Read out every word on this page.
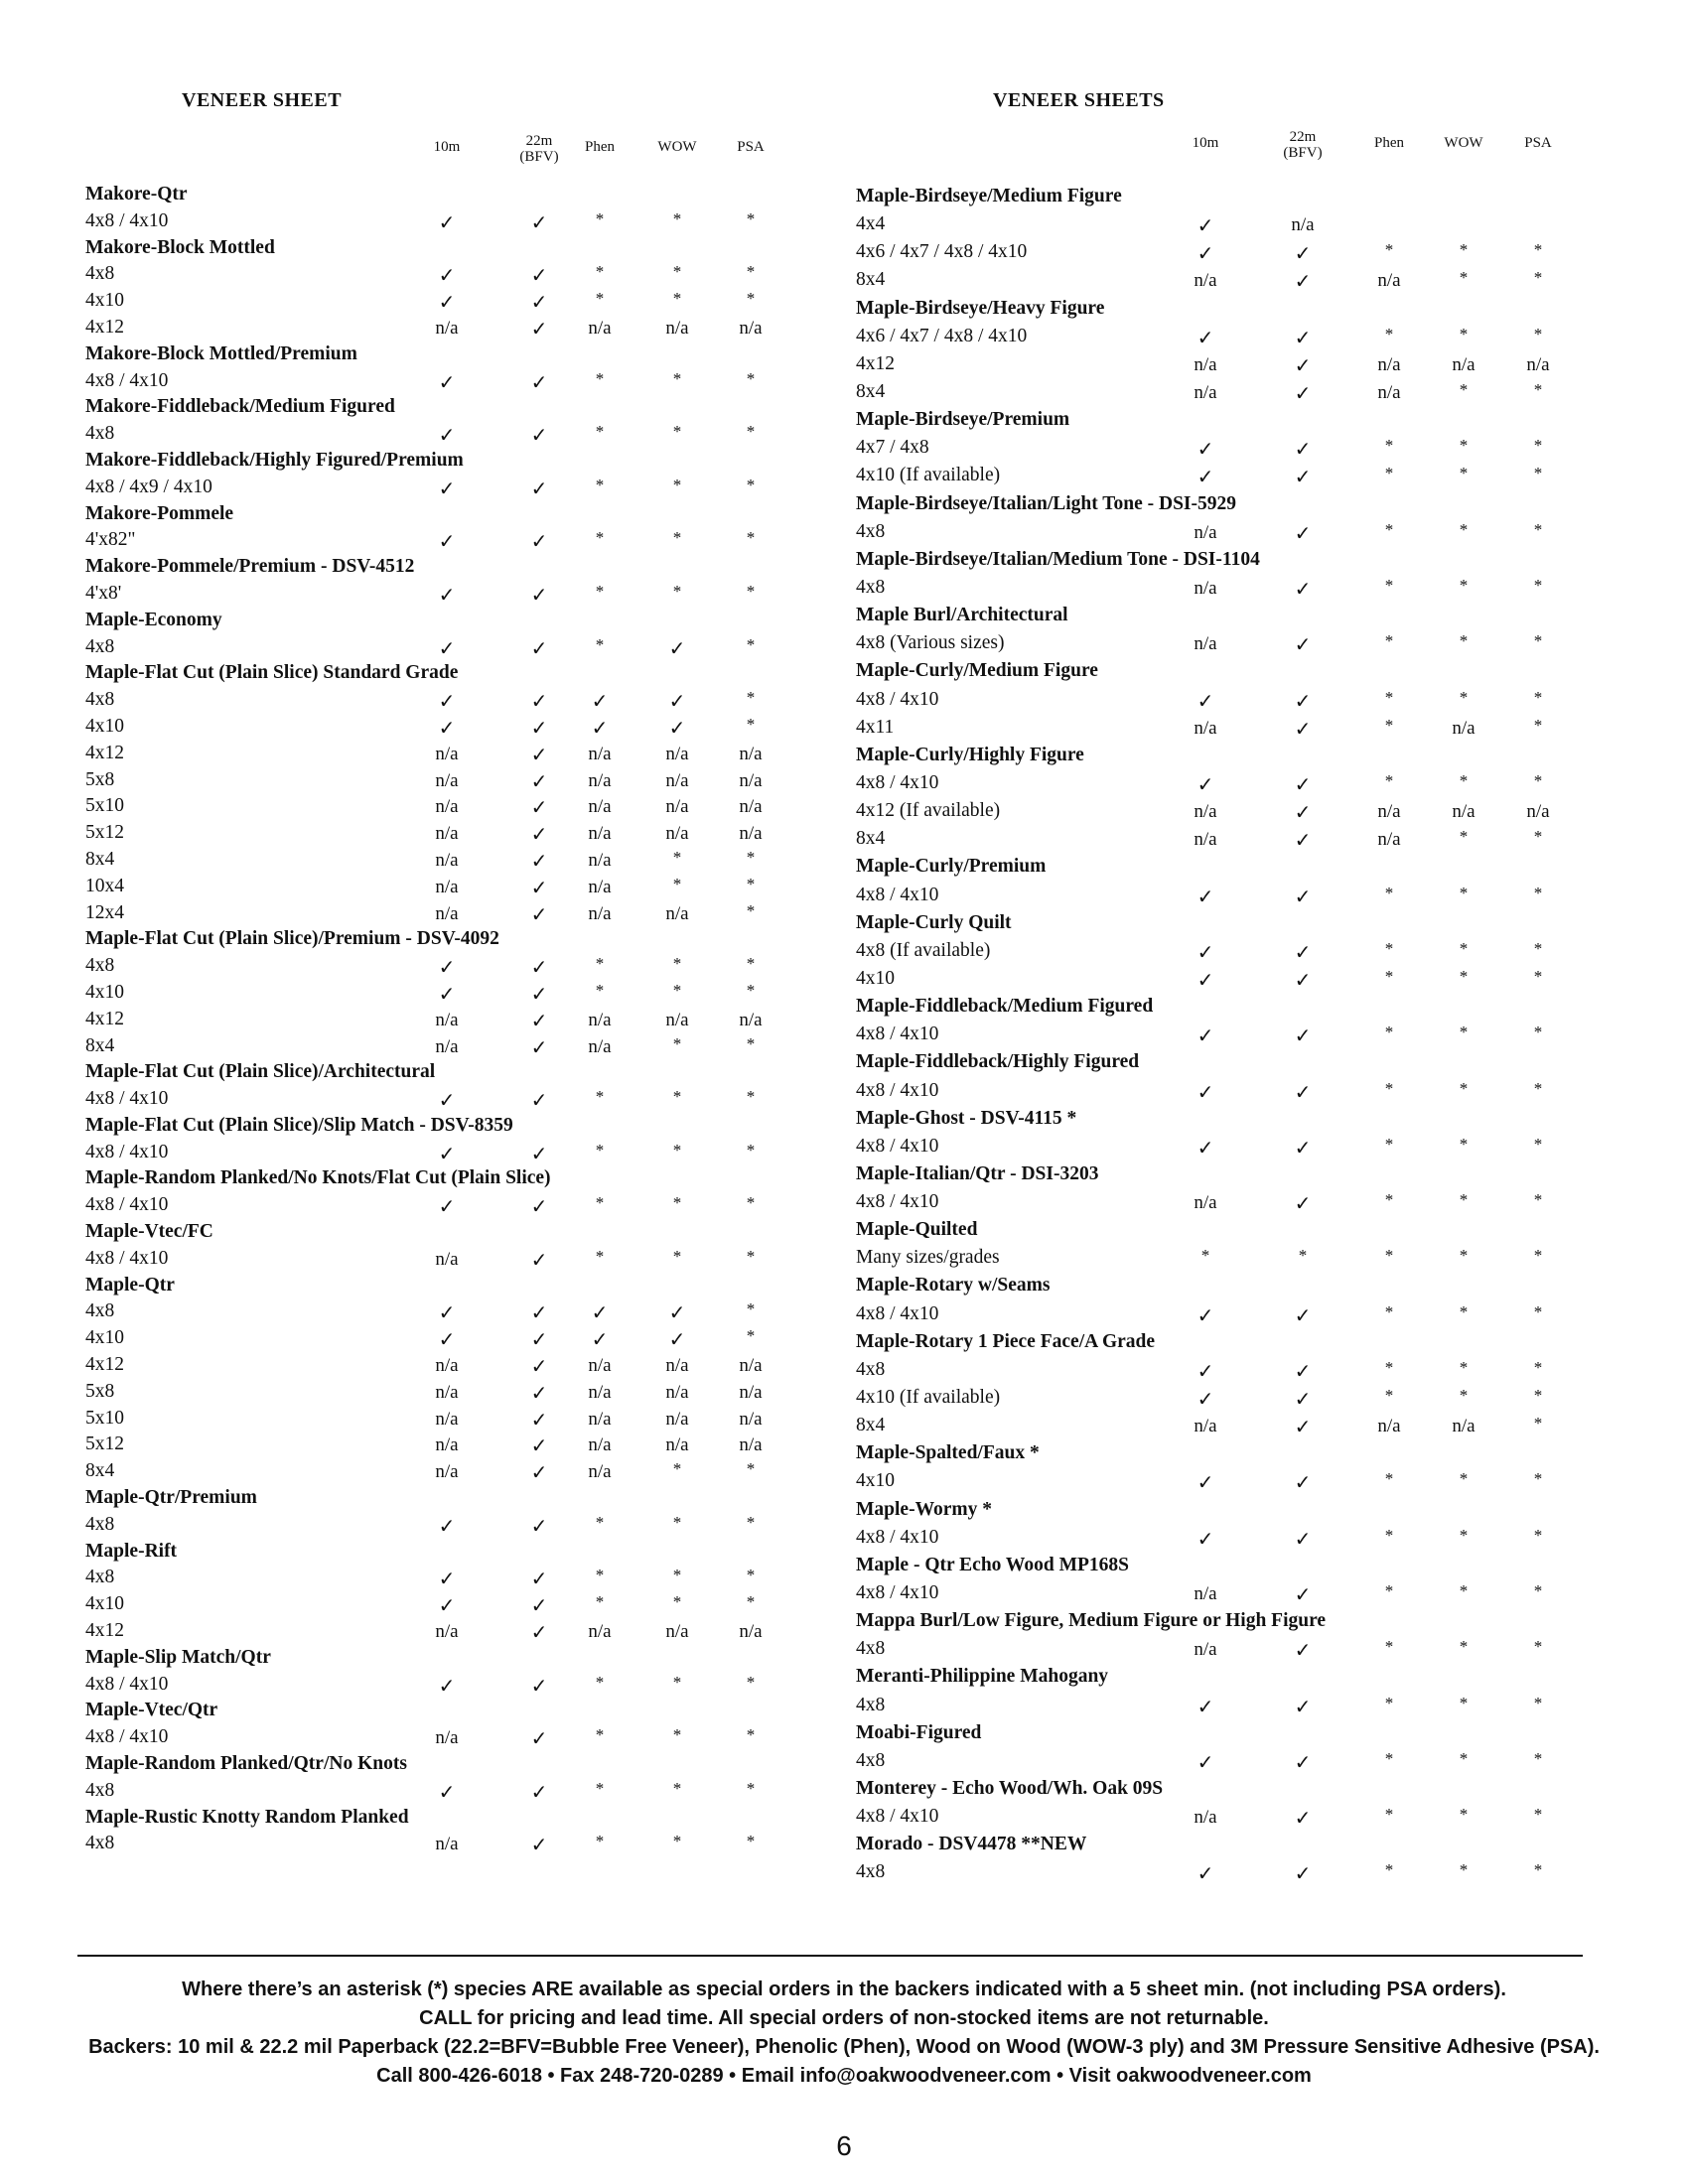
VENEER SHEET
10m	22m
(BFV)
Phen	WOW	PSA
Makore-Qtr
4x8 / 4x10	✓	✓	*	*	*
Makore-Block Mottled
4x8	✓	✓	*	*	*
4x10	✓	✓	*	*	*
4x12	n/a	✓	n/a	n/a	n/a
Makore-Block Mottled/Premium
4x8 / 4x10	✓	✓	*	*	*
Makore-Fiddleback/Medium Figured
4x8	✓	✓	*	*	*
Makore-Fiddleback/Highly Figured/Premium
4x8 / 4x9 / 4x10	✓	✓	*	*	*
Makore-Pommele
4'x82"	✓	✓	*	*	*
Makore-Pommele/Premium - DSV-4512
4'x8'	✓	✓	*	*	*
Maple-Economy
4x8	✓	✓	*	✓	*
Maple-Flat Cut (Plain Slice) Standard Grade
4x8	✓	✓	✓	✓	*
4x10	✓	✓	✓	✓	*
4x12	n/a	✓	n/a	n/a	n/a
5x8	n/a	✓	n/a	n/a	n/a
5x10	n/a	✓	n/a	n/a	n/a
5x12	n/a	✓	n/a	n/a	n/a
8x4	n/a	✓	n/a	*	*
10x4	n/a	✓	n/a	*	*
12x4	n/a	✓	n/a	n/a	*
Maple-Flat Cut (Plain Slice)/Premium - DSV-4092
4x8	✓	✓	*	*	*
4x10	✓	✓	*	*	*
4x12	n/a	✓	n/a	n/a	n/a
8x4	n/a	✓	n/a	*	*
Maple-Flat Cut (Plain Slice)/Architectural
4x8 / 4x10	✓	✓	*	*	*
Maple-Flat Cut (Plain Slice)/Slip Match - DSV-8359
4x8 / 4x10	✓	✓	*	*	*
Maple-Random Planked/No Knots/Flat Cut (Plain Slice)
4x8 / 4x10	✓	✓	*	*	*
Maple-Vtec/FC
4x8 / 4x10	n/a	✓	*	*	*
Maple-Qtr
4x8	✓	✓	✓	✓	*
4x10	✓	✓	✓	✓	*
4x12	n/a	✓	n/a	n/a	n/a
5x8	n/a	✓	n/a	n/a	n/a
5x10	n/a	✓	n/a	n/a	n/a
5x12	n/a	✓	n/a	n/a	n/a
8x4	n/a	✓	n/a	*	*
Maple-Qtr/Premium
4x8	✓	✓	*	*	*
Maple-Rift
4x8	✓	✓	*	*	*
4x10	✓	✓	*	*	*
4x12	n/a	✓	n/a	n/a	n/a
Maple-Slip Match/Qtr
4x8 / 4x10	✓	✓	*	*	*
Maple-Vtec/Qtr
4x8 / 4x10	n/a	✓	*	*	*
Maple-Random Planked/Qtr/No Knots
4x8	✓	✓	*	*	*
Maple-Rustic Knotty Random Planked
4x8	n/a	✓	*	*	*
VENEER SHEETS
10m	22m
(BFV)
Phen	WOW	PSA
Maple-Birdseye/Medium Figure
4x4	✓	n/a
4x6 / 4x7 / 4x8 / 4x10	✓	✓	*	*	*
8x4	n/a	✓	n/a	*	*
Maple-Birdseye/Heavy Figure
4x6 / 4x7 / 4x8 / 4x10	✓	✓	*	*	*
4x12	n/a	✓	n/a	n/a	n/a
8x4	n/a	✓	n/a	*	*
Maple-Birdseye/Premium
4x7 / 4x8	✓	✓	*	*	*
4x10 (If available)	✓	✓	*	*	*
Maple-Birdseye/Italian/Light Tone - DSI-5929
4x8	n/a	✓	*	*	*
Maple-Birdseye/Italian/Medium Tone - DSI-1104
4x8	n/a	✓	*	*	*
Maple Burl/Architectural
4x8 (Various sizes)	n/a	✓	*	*	*
Maple-Curly/Medium Figure
4x8 / 4x10	✓	✓	*	*	*
4x11	n/a	✓	*	n/a	*
Maple-Curly/Highly Figure
4x8 / 4x10	✓	✓	*	*	*
4x12 (If available)	n/a	✓	n/a	n/a	n/a
8x4	n/a	✓	n/a	*	*
Maple-Curly/Premium
4x8 / 4x10	✓	✓	*	*	*
Maple-Curly Quilt
4x8 (If available)	✓	✓	*	*	*
4x10	✓	✓	*	*	*
Maple-Fiddleback/Medium Figured
4x8 / 4x10	✓	✓	*	*	*
Maple-Fiddleback/Highly Figured
4x8 / 4x10	✓	✓	*	*	*
Maple-Ghost - DSV-4115 *
4x8 / 4x10	✓	✓	*	*	*
Maple-Italian/Qtr - DSI-3203
4x8 / 4x10	n/a	✓	*	*	*
Maple-Quilted
Many sizes/grades	*	*	*	*	*
Maple-Rotary w/Seams
4x8 / 4x10	✓	✓	*	*	*
Maple-Rotary 1 Piece Face/A Grade
4x8	✓	✓	*	*	*
4x10 (If available)	✓	✓	*	*	*
8x4	n/a	✓	n/a	n/a	*
Maple-Spalted/Faux *
4x10	✓	✓	*	*	*
Maple-Wormy *
4x8 / 4x10	✓	✓	*	*	*
Maple - Qtr Echo Wood MP168S
4x8 / 4x10	n/a	✓	*	*	*
Mappa Burl/Low Figure, Medium Figure or High Figure
4x8	n/a	✓	*	*	*
Meranti-Philippine Mahogany
4x8	✓	✓	*	*	*
Moabi-Figured
4x8	✓	✓	*	*	*
Monterey - Echo Wood/Wh. Oak 09S
4x8 / 4x10	n/a	✓	*	*	*
Morado - DSV4478 **NEW
4x8	✓	✓	*	*	*
Where there’s an asterisk (*) species ARE available as special orders in the backers indicated with a 5 sheet min. (not including PSA orders).
CALL for pricing and lead time. All special orders of non-stocked items are not returnable.
Backers: 10 mil & 22.2 mil Paperback (22.2=BFV=Bubble Free Veneer), Phenolic (Phen), Wood on Wood (WOW-3 ply) and 3M Pressure Sensitive Adhesive (PSA).
Call 800-426-6018 • Fax 248-720-0289 • Email info@oakwoodveneer.com • Visit oakwoodveneer.com
6
